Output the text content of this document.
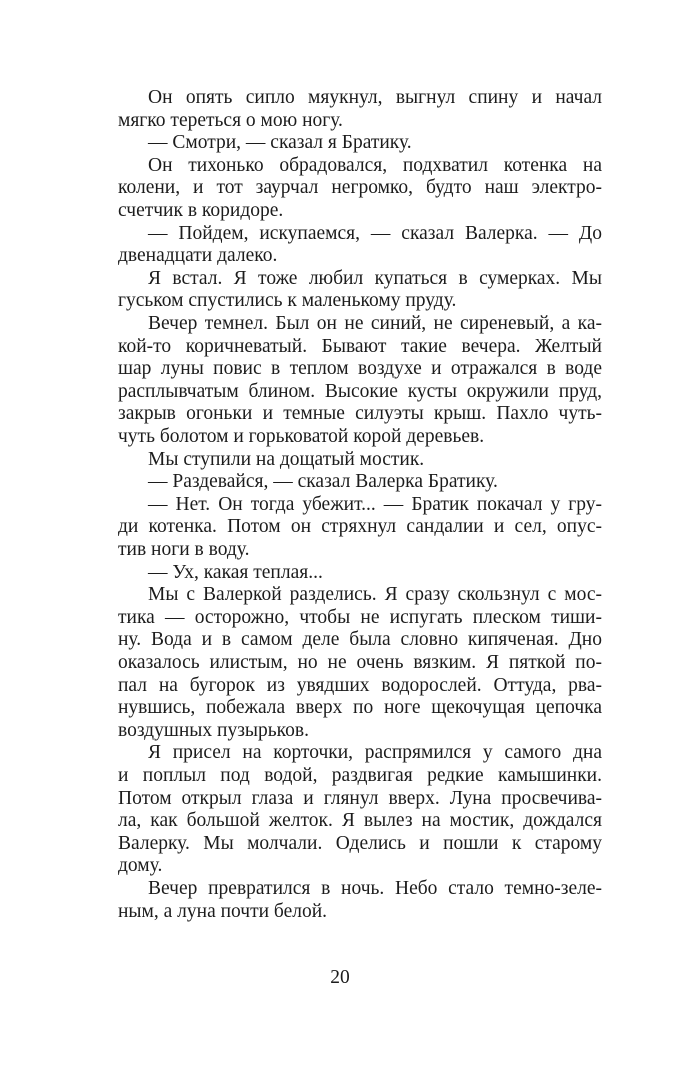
Он опять сипло мяукнул, выгнул спину и начал
мягко тереться о мою ногу.
— Смотри, — сказал я Братику.
Он тихонько обрадовался, подхватил котенка на
колени, и тот заурчал негромко, будто наш электро-
счетчик в коридоре.
— Пойдем, искупаемся, — сказал Валерка. — До
двенадцати далеко.
Я встал. Я тоже любил купаться в сумерках. Мы
гуськом спустились к маленькому пруду.
Вечер темнел. Был он не синий, не сиреневый, а ка-
кой-то коричневатый. Бывают такие вечера. Желтый
шар луны повис в теплом воздухе и отражался в воде
расплывчатым блином. Высокие кусты окружили пруд,
закрыв огоньки и темные силуэты крыш. Пахло чуть-
чуть болотом и горьковатой корой деревьев.
Мы ступили на дощатый мостик.
— Раздевайся, — сказал Валерка Братику.
— Нет. Он тогда убежит... — Братик покачал у гру-
ди котенка. Потом он стряхнул сандалии и сел, опус-
тив ноги в воду.
— Ух, какая теплая...
Мы с Валеркой разделись. Я сразу скользнул с мос-
тика — осторожно, чтобы не испугать плеском тиши-
ну. Вода и в самом деле была словно кипяченая. Дно
оказалось илистым, но не очень вязким. Я пяткой по-
пал на бугорок из увядших водорослей. Оттуда, рва-
нувшись, побежала вверх по ноге щекочущая цепочка
воздушных пузырьков.
Я присел на корточки, распрямился у самого дна
и поплыл под водой, раздвигая редкие камышинки.
Потом открыл глаза и глянул вверх. Луна просвечива-
ла, как большой желток. Я вылез на мостик, дождался
Валерку. Мы молчали. Оделись и пошли к старому
дому.
Вечер превратился в ночь. Небо стало темно-зеле-
ным, а луна почти белой.
20
